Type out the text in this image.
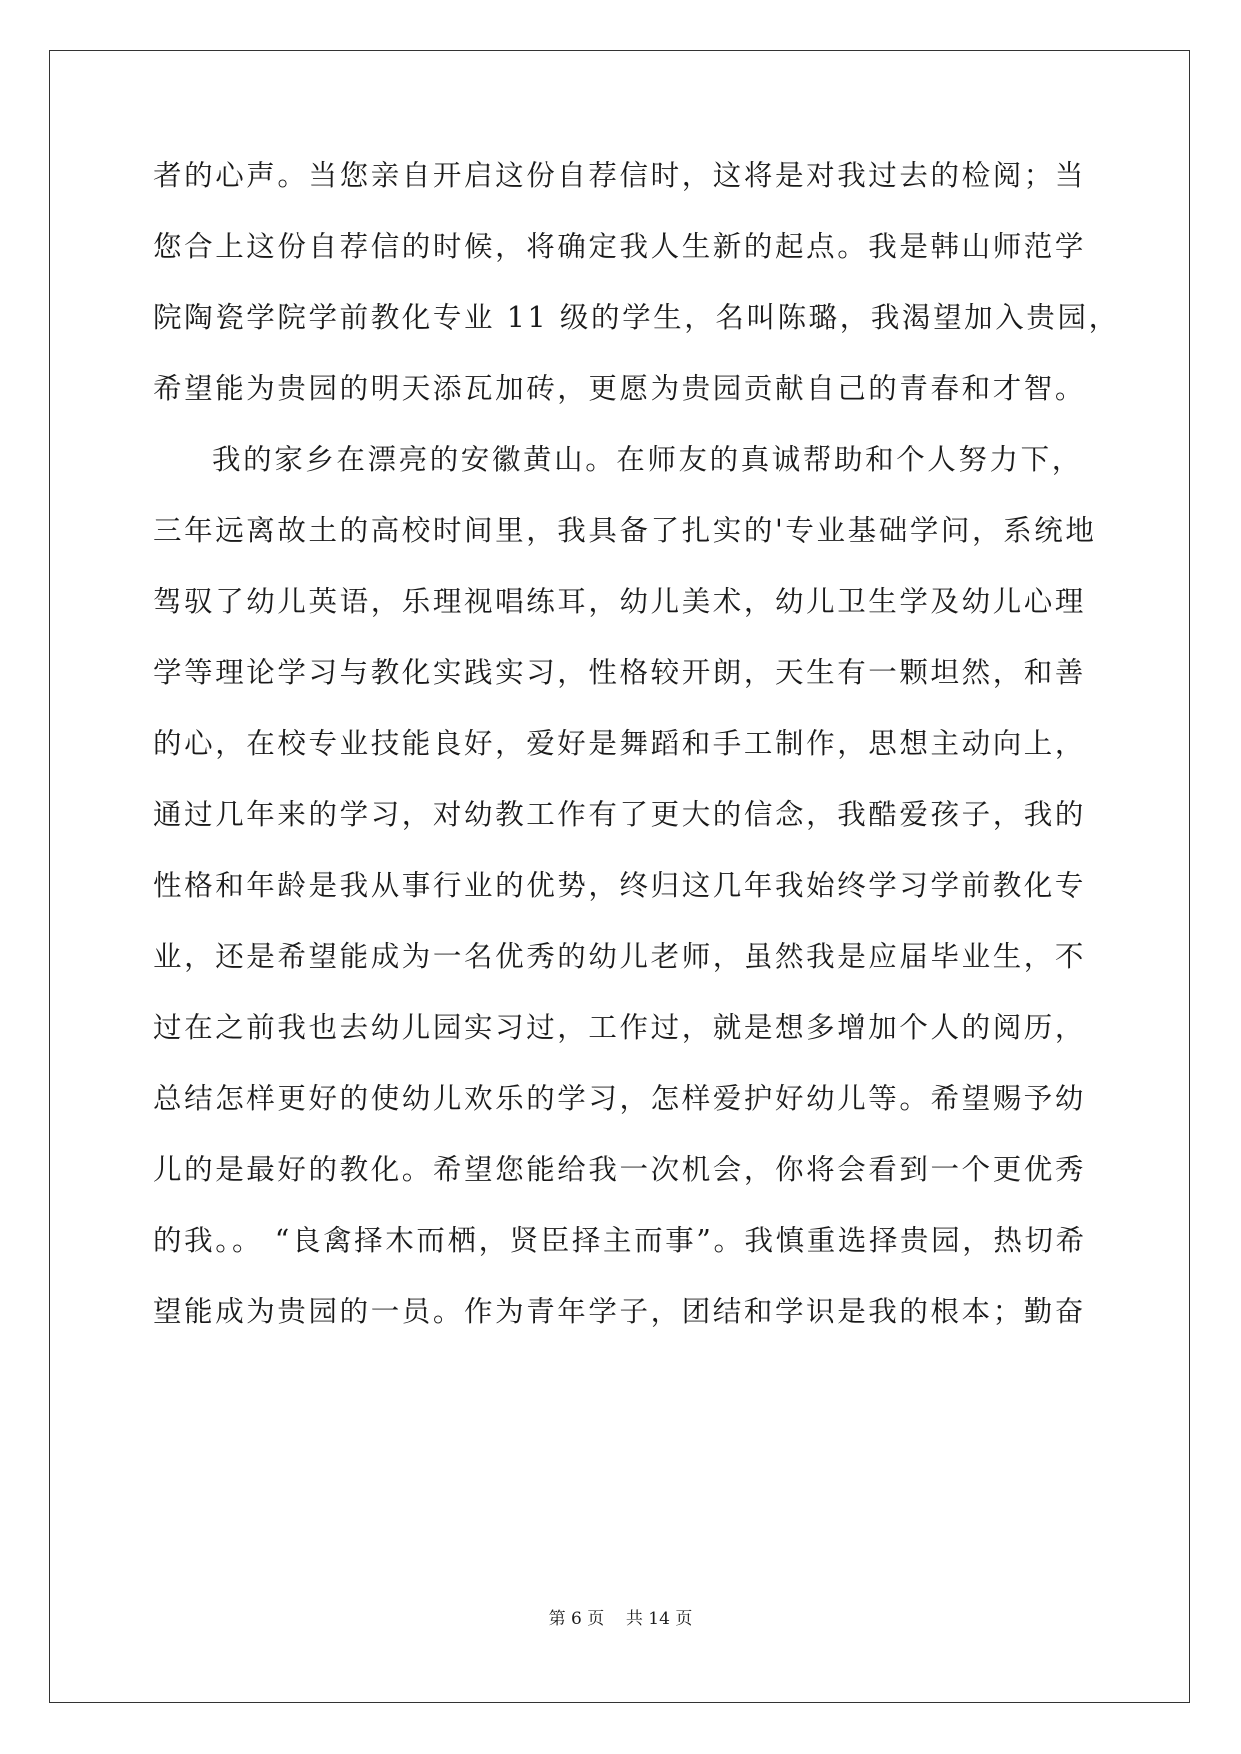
者的心声。当您亲自开启这份自荐信时，这将是对我过去的检阅；当
您合上这份自荐信的时候，将确定我人生新的起点。我是韩山师范学
院陶瓷学院学前教化专业 11 级的学生，名叫陈璐，我渴望加入贵园，
希望能为贵园的明天添瓦加砖，更愿为贵园贡献自己的青春和才智。
我的家乡在漂亮的安徽黄山。在师友的真诚帮助和个人努力下，
三年远离故土的高校时间里，我具备了扎实的'专业基础学问，系统地
驾驭了幼儿英语，乐理视唱练耳，幼儿美术，幼儿卫生学及幼儿心理
学等理论学习与教化实践实习，性格较开朗，天生有一颗坦然，和善
的心，在校专业技能良好，爱好是舞蹈和手工制作，思想主动向上，
通过几年来的学习，对幼教工作有了更大的信念，我酷爱孩子，我的
性格和年龄是我从事行业的优势，终归这几年我始终学习学前教化专
业，还是希望能成为一名优秀的幼儿老师，虽然我是应届毕业生，不
过在之前我也去幼儿园实习过，工作过，就是想多增加个人的阅历，
总结怎样更好的使幼儿欢乐的学习，怎样爱护好幼儿等。希望赐予幼
儿的是最好的教化。希望您能给我一次机会，你将会看到一个更优秀
的我。。 “良禽择木而栖，贤臣择主而事”。我慎重选择贵园，热切希
望能成为贵园的一员。作为青年学子，团结和学识是我的根本；勤奋
第 6 页    共 14 页
